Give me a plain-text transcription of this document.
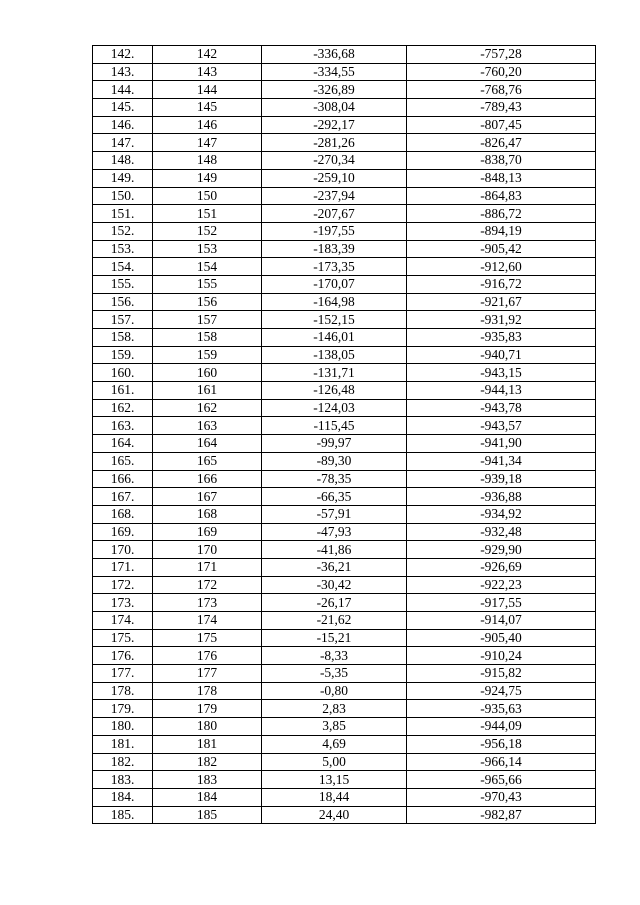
142.	142	-336,68	-757,28
143.	143	-334,55	-760,20
144.	144	-326,89	-768,76
145.	145	-308,04	-789,43
146.	146	-292,17	-807,45
147.	147	-281,26	-826,47
148.	148	-270,34	-838,70
149.	149	-259,10	-848,13
150.	150	-237,94	-864,83
151.	151	-207,67	-886,72
152.	152	-197,55	-894,19
153.	153	-183,39	-905,42
154.	154	-173,35	-912,60
155.	155	-170,07	-916,72
156.	156	-164,98	-921,67
157.	157	-152,15	-931,92
158.	158	-146,01	-935,83
159.	159	-138,05	-940,71
160.	160	-131,71	-943,15
161.	161	-126,48	-944,13
162.	162	-124,03	-943,78
163.	163	-115,45	-943,57
164.	164	-99,97	-941,90
165.	165	-89,30	-941,34
166.	166	-78,35	-939,18
167.	167	-66,35	-936,88
168.	168	-57,91	-934,92
169.	169	-47,93	-932,48
170.	170	-41,86	-929,90
171.	171	-36,21	-926,69
172.	172	-30,42	-922,23
173.	173	-26,17	-917,55
174.	174	-21,62	-914,07
175.	175	-15,21	-905,40
176.	176	-8,33	-910,24
177.	177	-5,35	-915,82
178.	178	-0,80	-924,75
179.	179	2,83	-935,63
180.	180	3,85	-944,09
181.	181	4,69	-956,18
182.	182	5,00	-966,14
183.	183	13,15	-965,66
184.	184	18,44	-970,43
185.	185	24,40	-982,87
